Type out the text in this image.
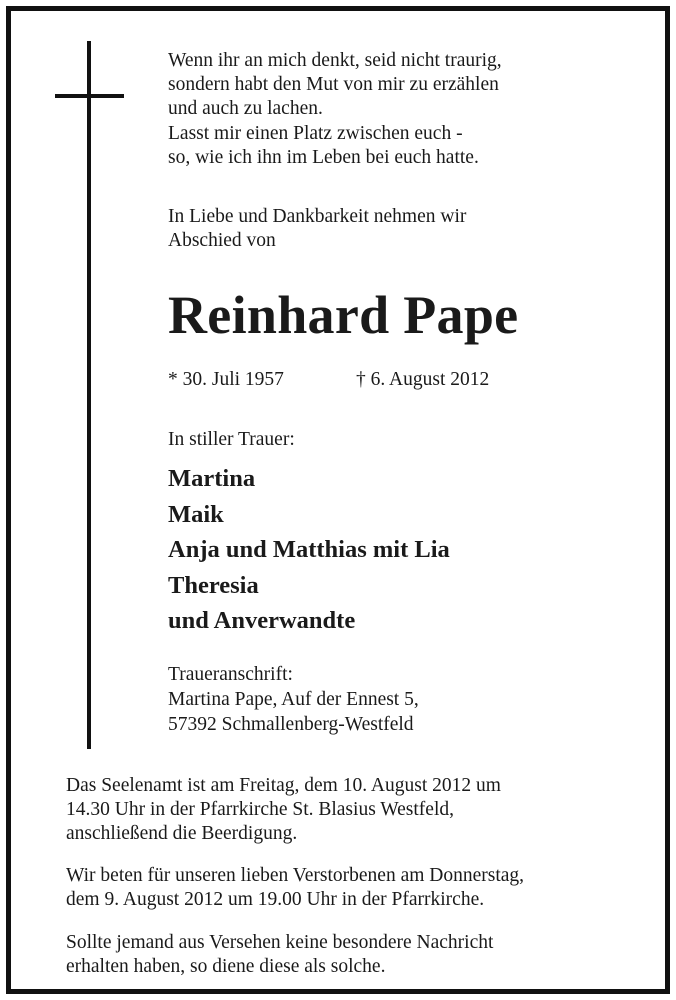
Wenn ihr an mich denkt, seid nicht traurig,
sondern habt den Mut von mir zu erzählen
und auch zu lachen.
Lasst mir einen Platz zwischen euch -
so, wie ich ihn im Leben bei euch hatte.
In Liebe und Dankbarkeit nehmen wir
Abschied von
Reinhard Pape
* 30. Juli 1957	† 6. August 2012
In stiller Trauer:
Martina
Maik
Anja und Matthias mit Lia
Theresia
und Anverwandte
Traueranschrift:
Martina Pape, Auf der Ennest 5,
57392 Schmallenberg-Westfeld
Das Seelenamt ist am Freitag, dem 10. August 2012 um
14.30 Uhr in der Pfarrkirche St. Blasius Westfeld,
anschließend die Beerdigung.
Wir beten für unseren lieben Verstorbenen am Donnerstag,
dem 9. August 2012 um 19.00 Uhr in der Pfarrkirche.
Sollte jemand aus Versehen keine besondere Nachricht
erhalten haben, so diene diese als solche.
